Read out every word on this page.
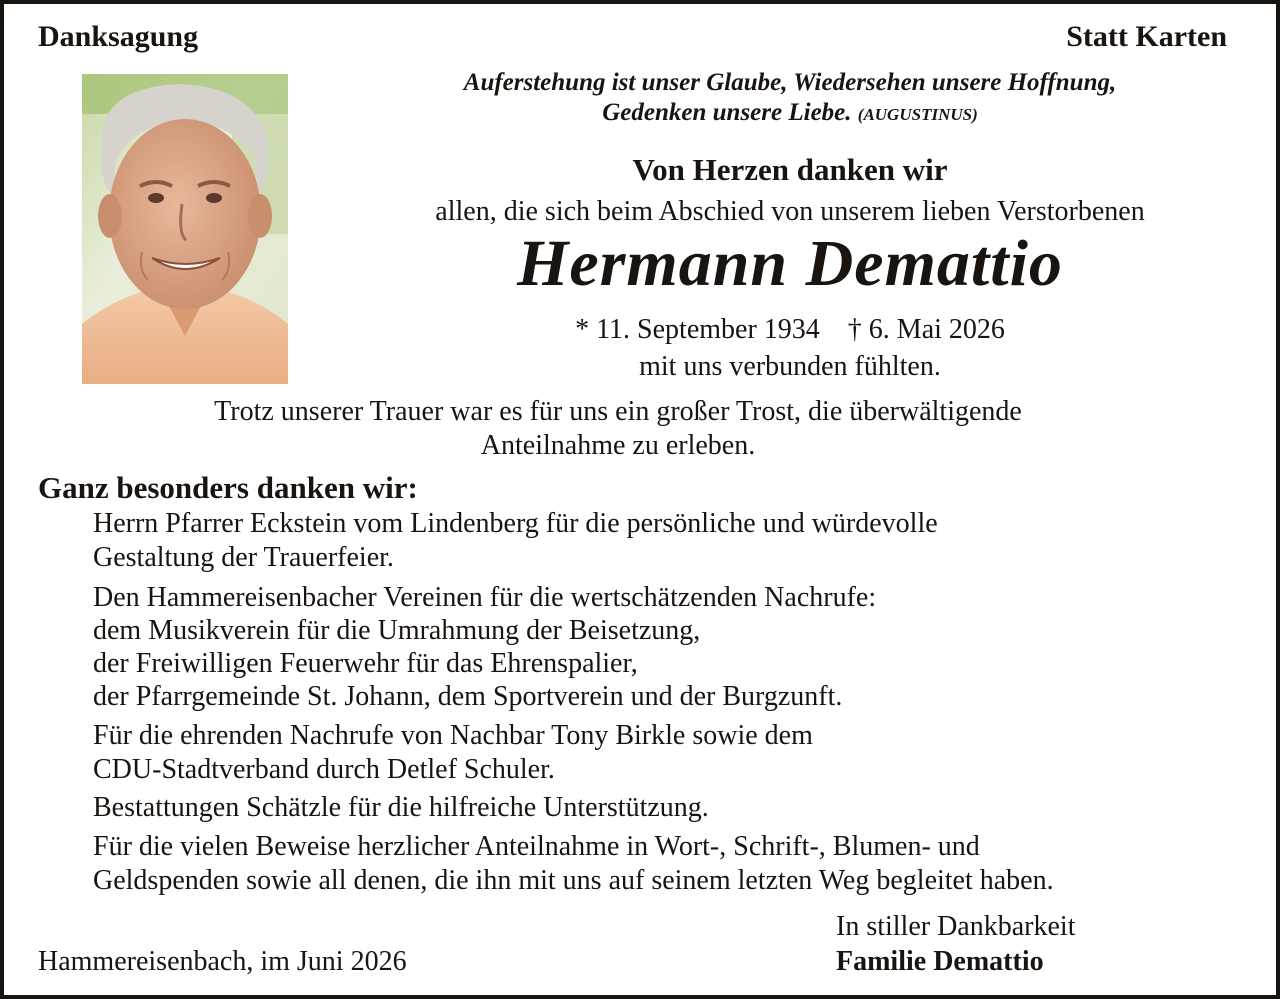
Danksagung	Statt Karten
Auferstehung ist unser Glaube, Wiedersehen unsere Hoffnung,
Gedenken unsere Liebe. (AUGUSTINUS)
Von Herzen danken wir
allen, die sich beim Abschied von unserem lieben Verstorbenen
Hermann Demattio
* 11. September 1934 † 6. Mai 2026
mit uns verbunden fühlten.
Trotz unserer Trauer war es für uns ein großer Trost, die überwältigende
Anteilnahme zu erleben.
Ganz besonders danken wir:
Herrn Pfarrer Eckstein vom Lindenberg für die persönliche und würdevolle
Gestaltung der Trauerfeier.
Den Hammereisenbacher Vereinen für die wertschätzenden Nachrufe:
dem Musikverein für die Umrahmung der Beisetzung,
der Freiwilligen Feuerwehr für das Ehrenspalier,
der Pfarrgemeinde St. Johann, dem Sportverein und der Burgzunft.
Für die ehrenden Nachrufe von Nachbar Tony Birkle sowie dem
CDU-Stadtverband durch Detlef Schuler.
Bestattungen Schätzle für die hilfreiche Unterstützung.
Für die vielen Beweise herzlicher Anteilnahme in Wort-, Schrift-, Blumen- und
Geldspenden sowie all denen, die ihn mit uns auf seinem letzten Weg begleitet haben.
In stiller Dankbarkeit
Familie Demattio
Hammereisenbach, im Juni 2026
